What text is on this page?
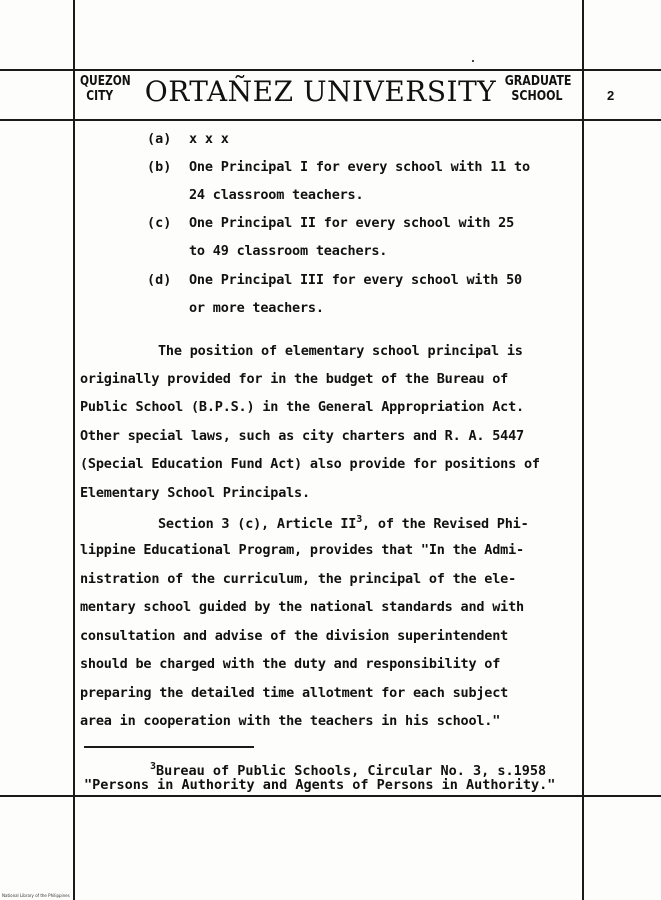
QUEZON
CITY	ORTAÑEZ UNIVERSITY GRADUATE
SCHOOL	2
(a) x x x
(b) One Principal I for every school with 11 to
24 classroom teachers.
(c) One Principal II for every school with 25
to 49 classroom teachers.
(d) One Principal III for every school with 50
or more teachers.
The position of elementary school principal is
originally provided for in the budget of the Bureau of
Public School (B.P.S.) in the General Appropriation Act.
Other special laws, such as city charters and R. A. 5447
(Special Education Fund Act) also provide for positions of
Elementary School Principals.
Section 3 (c), Article $II^3$, of the Revised Phi-
lippine Educational Program, provides that "In the Admi-
nistration of the curriculum, the principal of the ele-
mentary school guided by the national standards and with
consultation and advise of the division superintendent
should be charged with the duty and responsibility of
preparing the detailed time allotment for each subject
area in cooperation with the teachers in his school."
$^3$Bureau of Public Schools, Circular No. 3, s.1958
"Persons in Authority and Agents of Persons in Authority."
National Library of the Philippines
